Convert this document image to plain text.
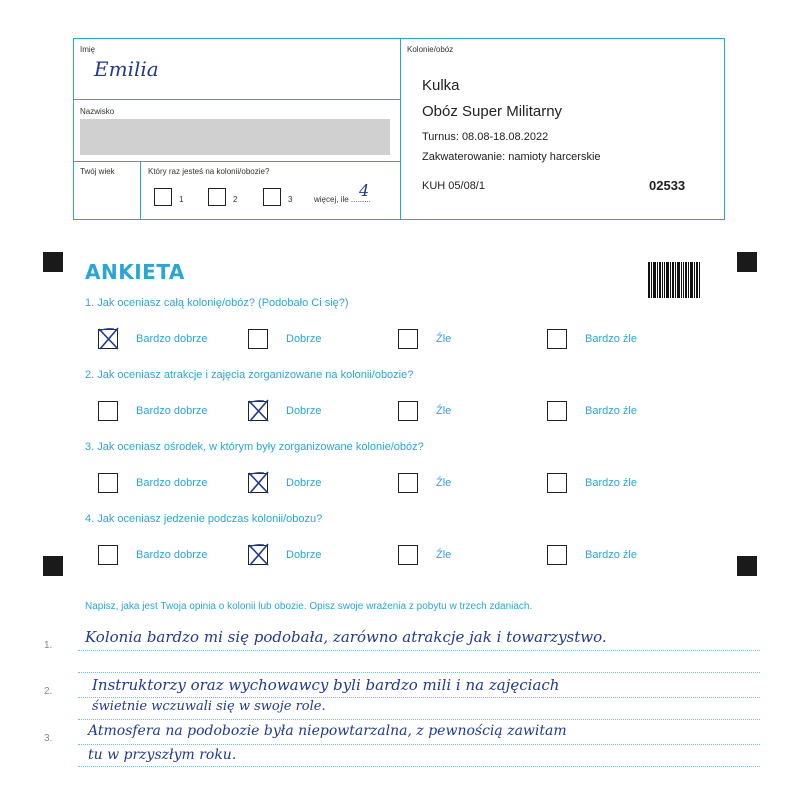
Imię
Emilia
Nazwisko
Twój wiek	Który raz jesteś na kolonii/obozie?
1	2	3	więcej, ile .........
4
Kolonie/obóz
Kulka
Obóz Super Militarny
Turnus: 08.08-18.08.2022
Zakwaterowanie: namioty harcerskie
KUH 05/08/1	02533
ANKIETA
1. Jak oceniasz całą kolonię/obóz? (Podobało Ci się?)
2. Jak oceniasz atrakcje i zajęcia zorganizowane na kolonii/obozie?
3. Jak oceniasz ośrodek, w którym były zorganizowane kolonie/obóz?
4. Jak oceniasz jedzenie podczas kolonii/obozu?
Bardzo dobrze	Dobrze	Źle	Bardzo źle
Bardzo dobrze	Dobrze	Źle	Bardzo źle
Bardzo dobrze	Dobrze	Źle	Bardzo źle
Bardzo dobrze	Dobrze	Źle	Bardzo źle
Napisz, jaka jest Twoja opinia o kolonii lub obozie. Opisz swoje wrażenia z pobytu w trzech zdaniach.
1.
2.
3.
Kolonia bardzo mi się podobała, zarówno atrakcje jak i towarzystwo.
Instruktorzy oraz wychowawcy byli bardzo mili i na zajęciach
świetnie wczuwali się w swoje role.
Atmosfera na podobozie była niepowtarzalna, z pewnością zawitam
tu w przyszłym roku.
